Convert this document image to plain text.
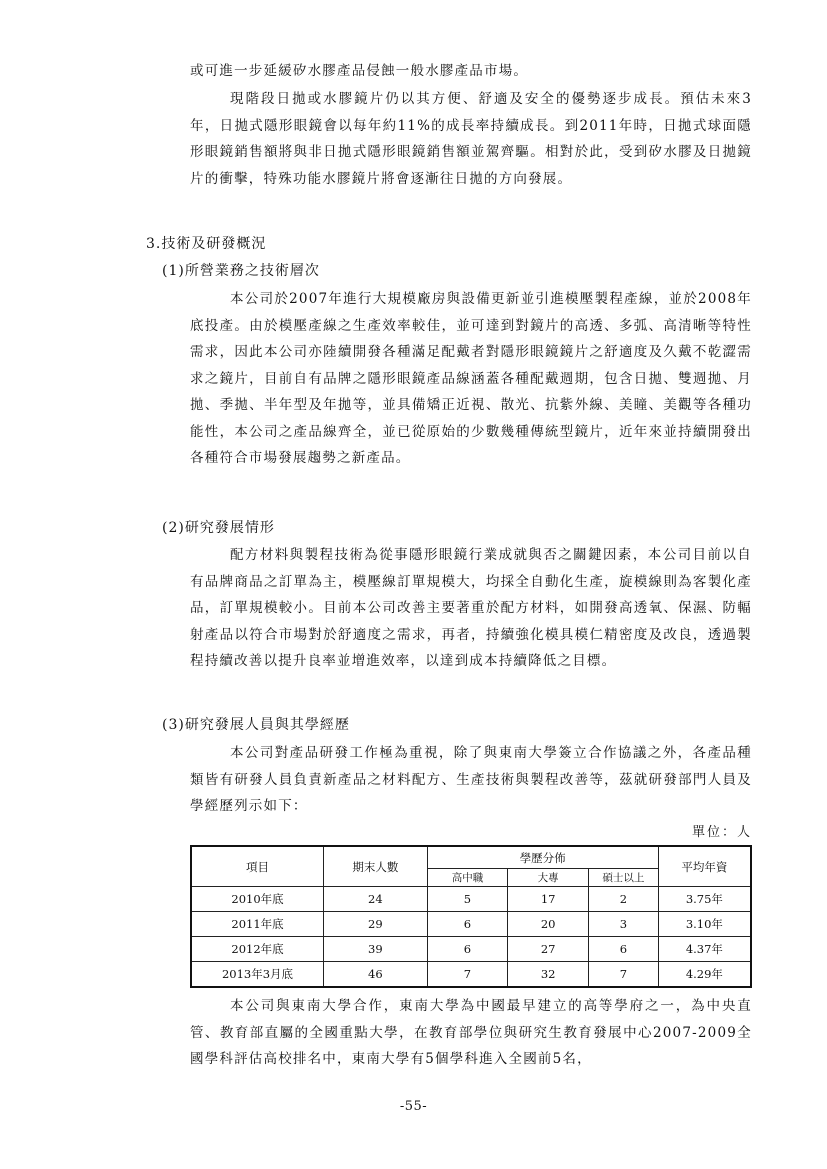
或可進一步延緩矽水膠產品侵蝕一般水膠產品市場。

現階段日拋或水膠鏡片仍以其方便、舒適及安全的優勢逐步成長。預估未來3年，日拋式隱形眼鏡會以每年約11%的成長率持續成長。到2011年時，日拋式球面隱形眼鏡銷售額將與非日拋式隱形眼鏡銷售額並駕齊驅。相對於此，受到矽水膠及日拋鏡片的衝擊，特殊功能水膠鏡片將會逐漸往日拋的方向發展。

3.技術及研發概況

(1)所營業務之技術層次

本公司於2007年進行大規模廠房與設備更新並引進模壓製程產線，並於2008年底投產。由於模壓產線之生產效率較佳，並可達到對鏡片的高透、多弧、高清晰等特性需求，因此本公司亦陸續開發各種滿足配戴者對隱形眼鏡鏡片之舒適度及久戴不乾澀需求之鏡片，目前自有品牌之隱形眼鏡產品線涵蓋各種配戴週期，包含日拋、雙週拋、月拋、季拋、半年型及年拋等，並具備矯正近視、散光、抗紫外線、美瞳、美觀等各種功能性，本公司之產品線齊全，並已從原始的少數幾種傳統型鏡片，近年來並持續開發出各種符合市場發展趨勢之新產品。

(2)研究發展情形

配方材料與製程技術為從事隱形眼鏡行業成就與否之關鍵因素，本公司目前以自有品牌商品之訂單為主，模壓線訂單規模大，均採全自動化生產，旋模線則為客製化產品，訂單規模較小。目前本公司改善主要著重於配方材料，如開發高透氧、保濕、防輻射產品以符合市場對於舒適度之需求，再者，持續強化模具模仁精密度及改良，透過製程持續改善以提升良率並增進效率，以達到成本持續降低之目標。

(3)研究發展人員與其學經歷

本公司對產品研發工作極為重視，除了與東南大學簽立合作協議之外，各產品種類皆有研發人員負責新產品之材料配方、生產技術與製程改善等，茲就研發部門人員及學經歷列示如下：

單位：人
項目	期末人數	學歷分佈			平均年資
		高中職	大專	碩士以上	
2010年底	24	5	17	2	3.75年
2011年底	29	6	20	3	3.10年
2012年底	39	6	27	6	4.37年
2013年3月底	46	7	32	7	4.29年

本公司與東南大學合作，東南大學為中國最早建立的高等學府之一，為中央直管、教育部直屬的全國重點大學，在教育部學位與研究生教育發展中心2007-2009全國學科評估高校排名中，東南大學有5個學科進入全國前5名，

-55-
